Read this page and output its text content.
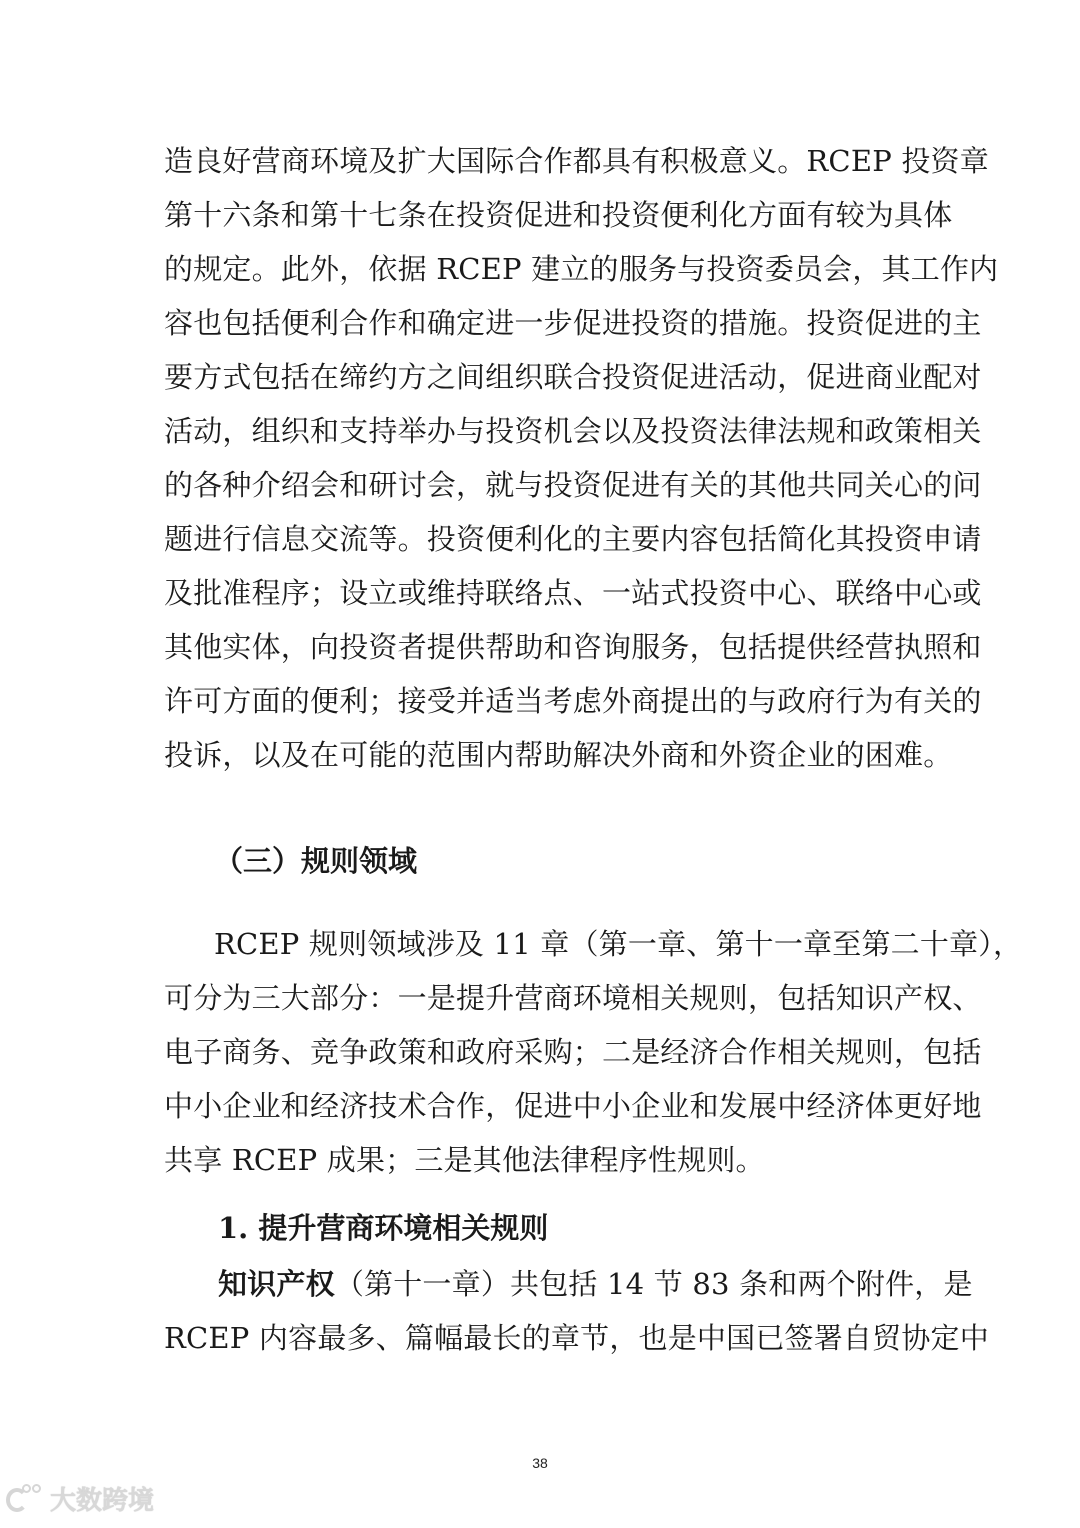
造良好营商环境及扩大国际合作都具有积极意义。RCEP 投资章
第十六条和第十七条在投资促进和投资便利化方面有较为具体
的规定。此外，依据 RCEP 建立的服务与投资委员会，其工作内
容也包括便利合作和确定进一步促进投资的措施。投资促进的主
要方式包括在缔约方之间组织联合投资促进活动，促进商业配对
活动，组织和支持举办与投资机会以及投资法律法规和政策相关
的各种介绍会和研讨会，就与投资促进有关的其他共同关心的问
题进行信息交流等。投资便利化的主要内容包括简化其投资申请
及批准程序；设立或维持联络点、一站式投资中心、联络中心或
其他实体，向投资者提供帮助和咨询服务，包括提供经营执照和
许可方面的便利；接受并适当考虑外商提出的与政府行为有关的
投诉，以及在可能的范围内帮助解决外商和外资企业的困难。
（三）规则领域
RCEP 规则领域涉及 11 章（第一章、第十一章至第二十章），
可分为三大部分：一是提升营商环境相关规则，包括知识产权、
电子商务、竞争政策和政府采购；二是经济合作相关规则，包括
中小企业和经济技术合作，促进中小企业和发展中经济体更好地
共享 RCEP 成果；三是其他法律程序性规则。
1. 提升营商环境相关规则
知识产权（第十一章）共包括 14 节 83 条和两个附件，是
RCEP 内容最多、篇幅最长的章节，也是中国已签署自贸协定中
38
大数跨境
